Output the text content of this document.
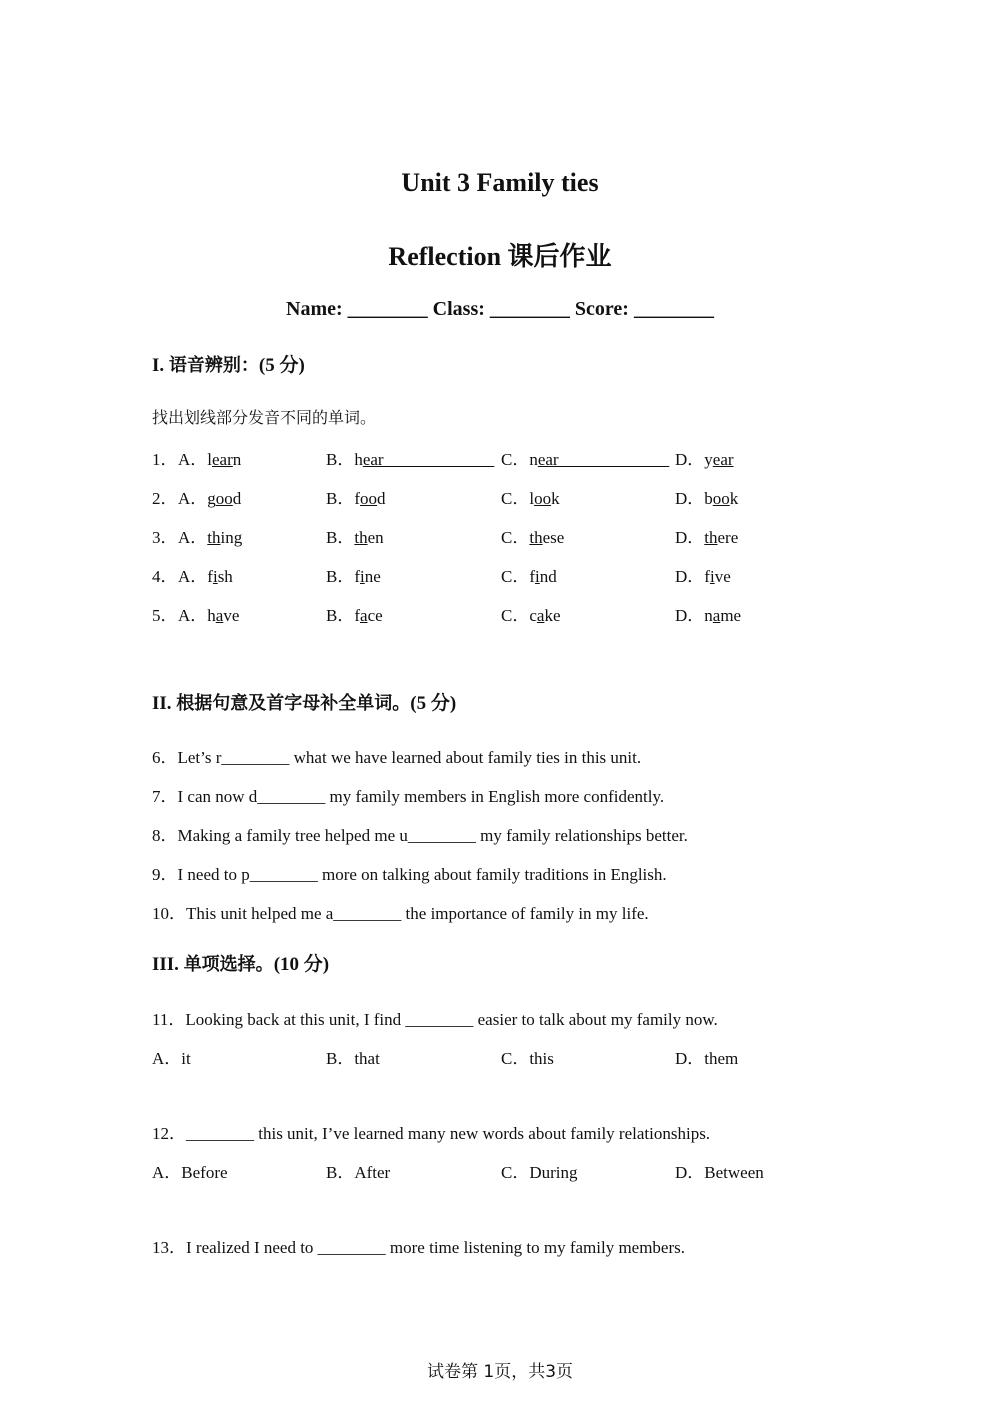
Unit 3 Family ties
Reflection 课后作业
Name: ________ Class: ________ Score: ________
I. 语音辨别：(5 分)
找出划线部分发音不同的单词。
1． A．learn	B．hear_____________ C．near_____________ D．year
2． A．good	B．food	C．look	D．book
3． A．thing	B．then	C．these	D．there
4． A．fish	B．fine	C．find	D．five
5． A．have	B．face	C．cake	D．name
II. 根据句意及首字母补全单词。(5 分)
6．Let’s r________ what we have learned about family ties in this unit.
7．I can now d________ my family members in English more confidently.
8．Making a family tree helped me u________ my family relationships better.
9．I need to p________ more on talking about family traditions in English.
10．This unit helped me a________ the importance of family in my life.
III. 单项选择。(10 分)
11．Looking back at this unit, I find ________ easier to talk about my family now.
A．it	B．that	C．this	D．them
12．________ this unit, I’ve learned many new words about family relationships.
A．Before	B．After	C．During	D．Between
13．I realized I need to ________ more time listening to my family members.
试卷第 1页，共3页
